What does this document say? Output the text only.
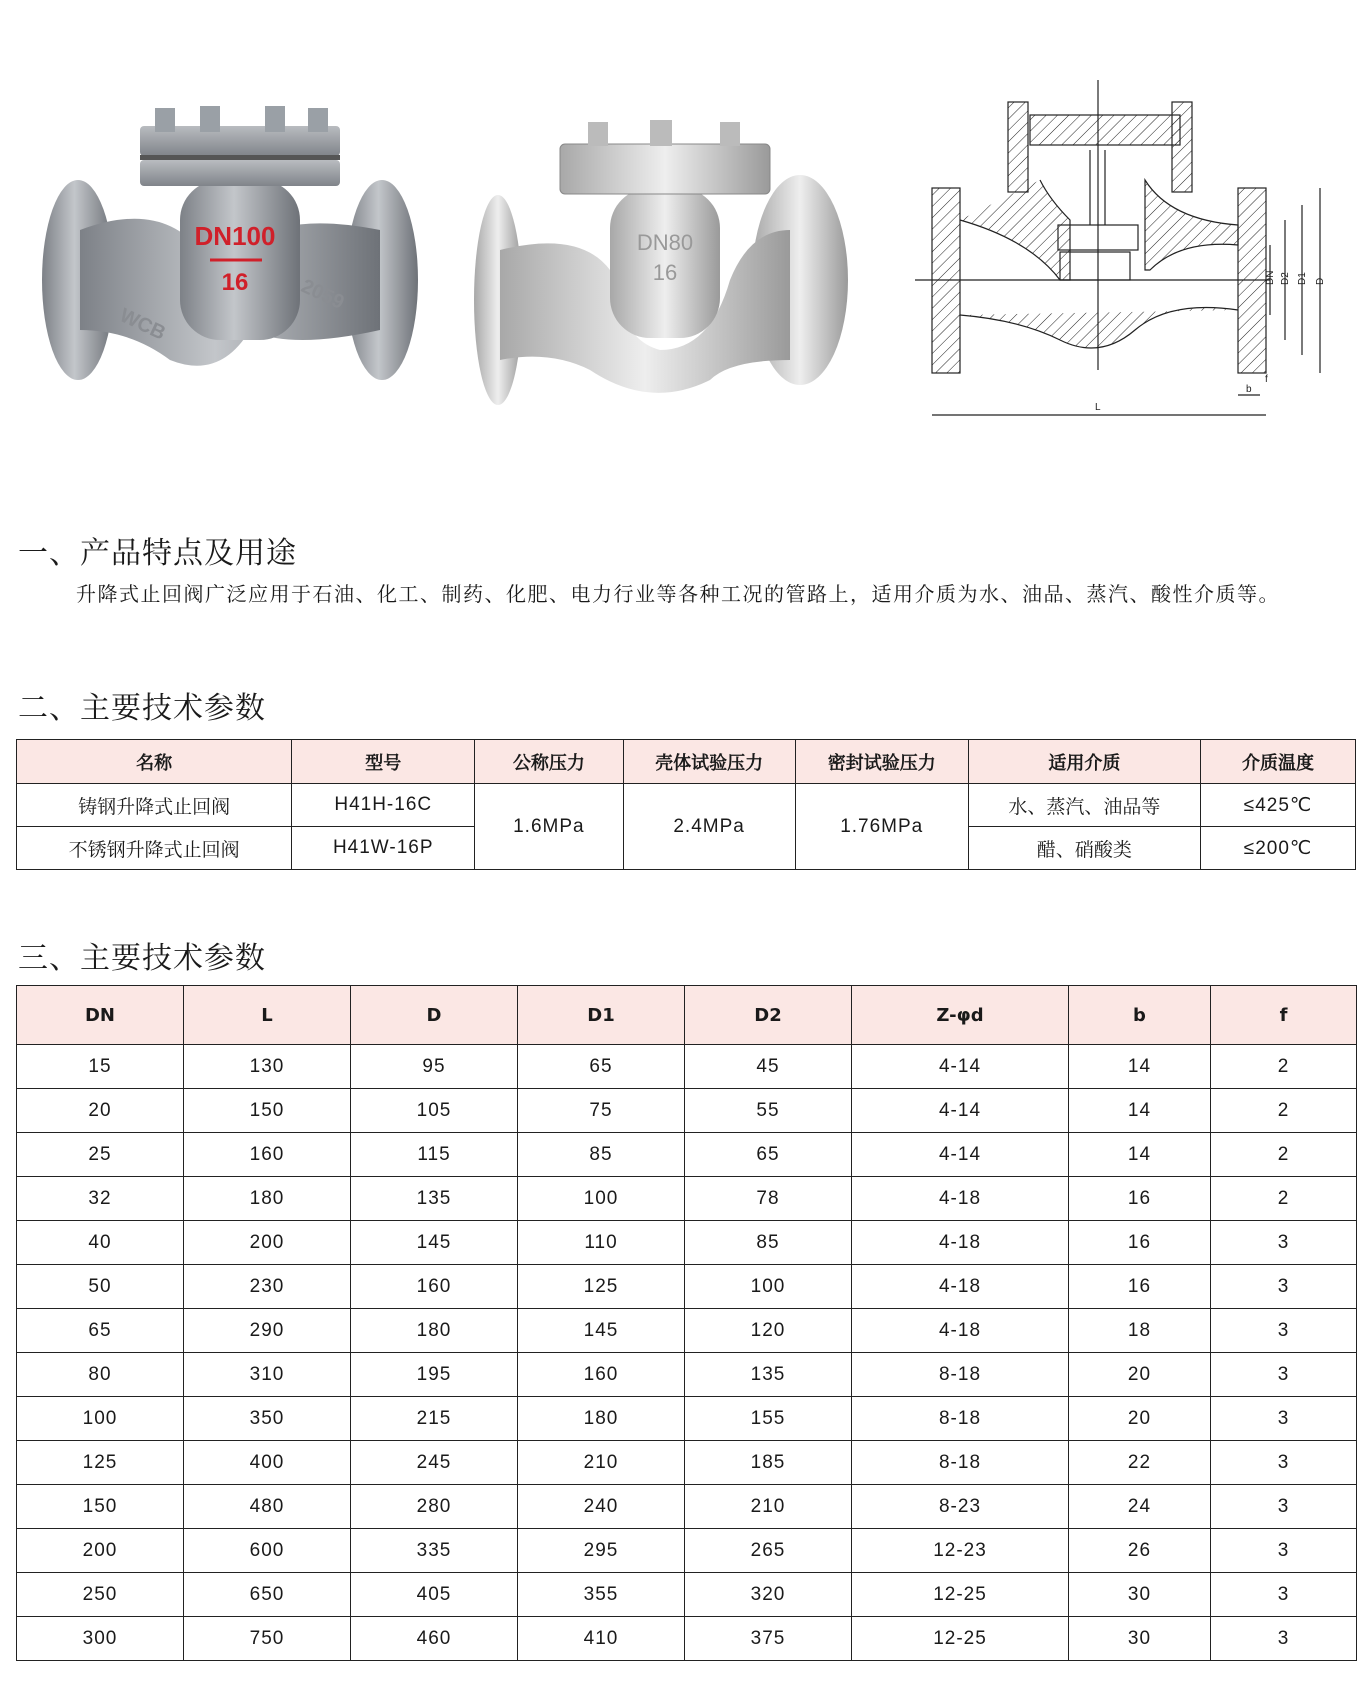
DN100
16 2059
WCB
DN80
16	DN D2 D1 D
L
b
f
一、产品特点及用途

升降式止回阀广泛应用于石油、化工、制药、化肥、电力行业等各种工况的管路上，适用介质为水、油品、蒸汽、酸性介质等。

二、主要技术参数
名称	型号	公称压力	壳体试验压力	密封试验压力	适用介质	介质温度
铸钢升降式止回阀	H41H-16C	1.6MPa	2.4MPa	1.76MPa	水、蒸汽、油品等	≤425℃
不锈钢升降式止回阀	H41W-16P				醋、硝酸类	≤200℃
三、主要技术参数
DN	L	D	D1	D2	Z-φd	b	f
15	130	95	65	45	4-14	14	2
20	150	105	75	55	4-14	14	2
25	160	115	85	65	4-14	14	2
32	180	135	100	78	4-18	16	2
40	200	145	110	85	4-18	16	3
50	230	160	125	100	4-18	16	3
65	290	180	145	120	4-18	18	3
80	310	195	160	135	8-18	20	3
100	350	215	180	155	8-18	20	3
125	400	245	210	185	8-18	22	3
150	480	280	240	210	8-23	24	3
200	600	335	295	265	12-23	26	3
250	650	405	355	320	12-25	30	3
300	750	460	410	375	12-25	30	3
